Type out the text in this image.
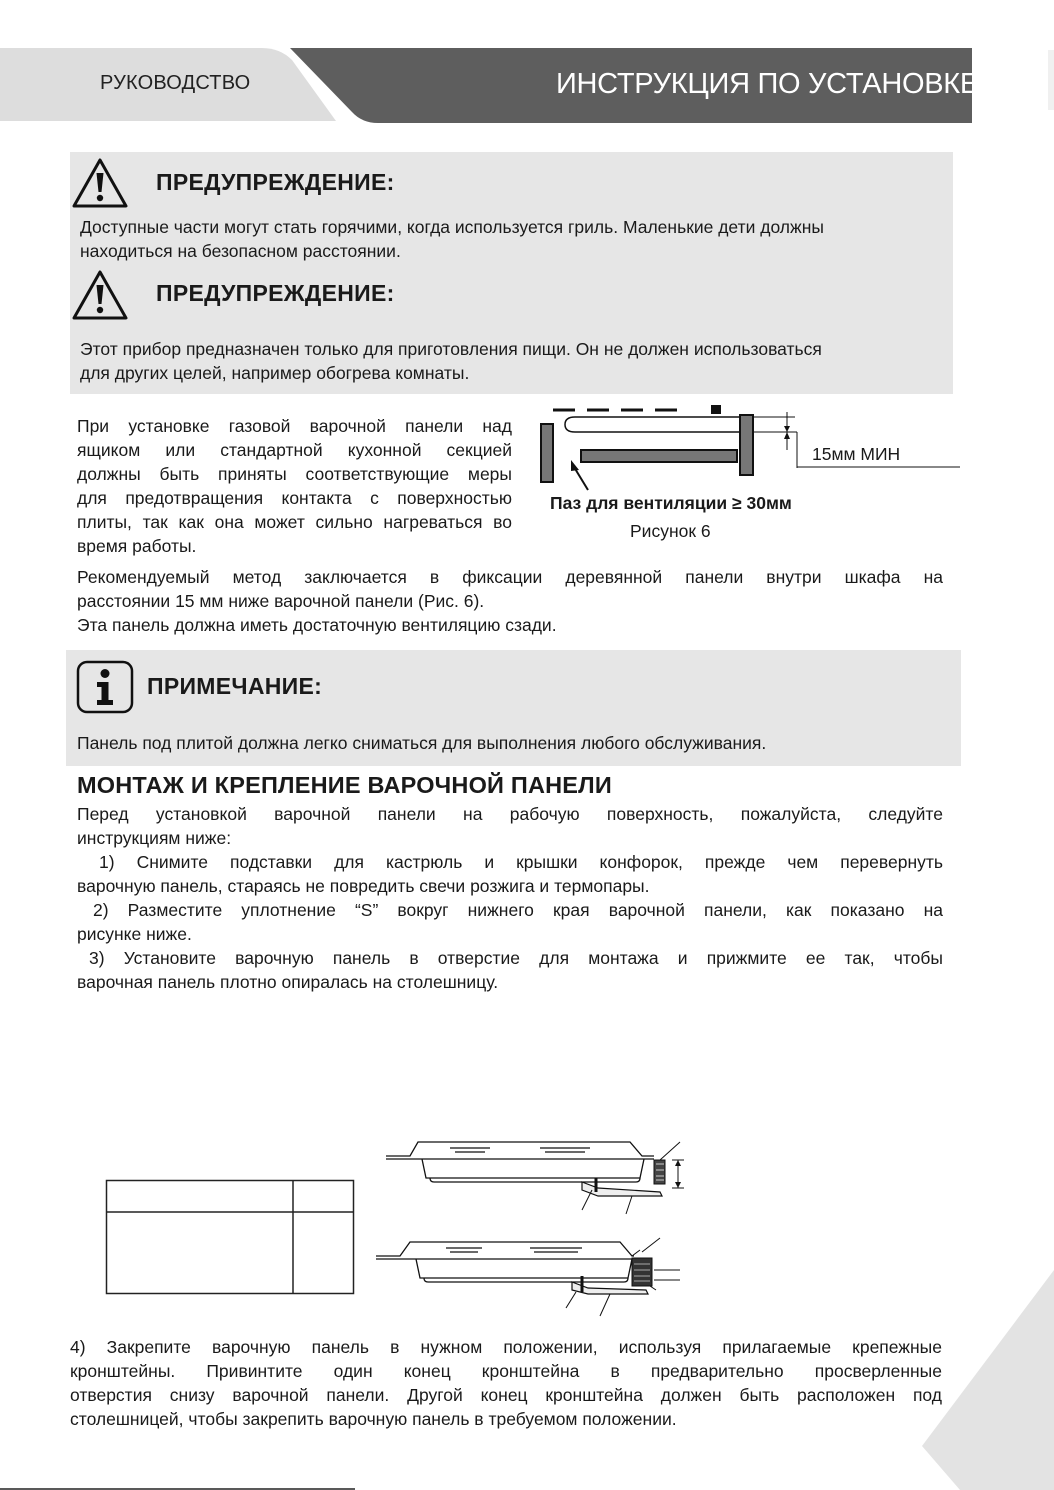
РУКОВОДСТВО	ИНСТРУКЦИЯ ПО УСТАНОВКЕ
ПРЕДУПРЕЖДЕНИЕ:
Доступные части могут стать горячими, когда используется гриль. Маленькие дети должны
находиться на безопасном расстоянии.
ПРЕДУПРЕЖДЕНИЕ:
Этот прибор предназначен только для приготовления пищи. Он не должен использоваться
для других целей, например обогрева комнаты.
При установке газовой варочной панели над
ящиком или стандартной кухонной секцией
должны быть приняты соответствующие меры
для предотвращения контакта с поверхностью
плиты, так как она может сильно нагреваться во
время работы.
15мм МИН
Паз для вентиляции ≥ 30мм
Рисунок 6
Рекомендуемый метод заключается в фиксации деревянной панели внутри шкафа на
расстоянии 15 мм ниже варочной панели (Рис. 6).
Эта панель должна иметь достаточную вентиляцию сзади.
ПРИМЕЧАНИЕ:
Панель под плитой должна легко сниматься для выполнения любого обслуживания.
МОНТАЖ И КРЕПЛЕНИЕ ВАРОЧНОЙ ПАНЕЛИ
Перед установкой варочной панели на рабочую поверхность, пожалуйста, следуйте
инструкциям ниже:
1) Снимите подставки для кастрюль и крышки конфорок, прежде чем перевернуть
варочную панель, стараясь не повредить свечи розжига и термопары.
2) Разместите уплотнение “S” вокруг нижнего края варочной панели, как показано на
рисунке ниже.
3) Установите варочную панель в отверстие для монтажа и прижмите ее так, чтобы
варочная панель плотно опиралась на столешницу.
4) Закрепите варочную панель в нужном положении, используя прилагаемые крепежные
кронштейны. Привинтите один конец кронштейна в предварительно просверленные
отверстия снизу варочной панели. Другой конец кронштейна должен быть расположен под
столешницей, чтобы закрепить варочную панель в требуемом положении.
